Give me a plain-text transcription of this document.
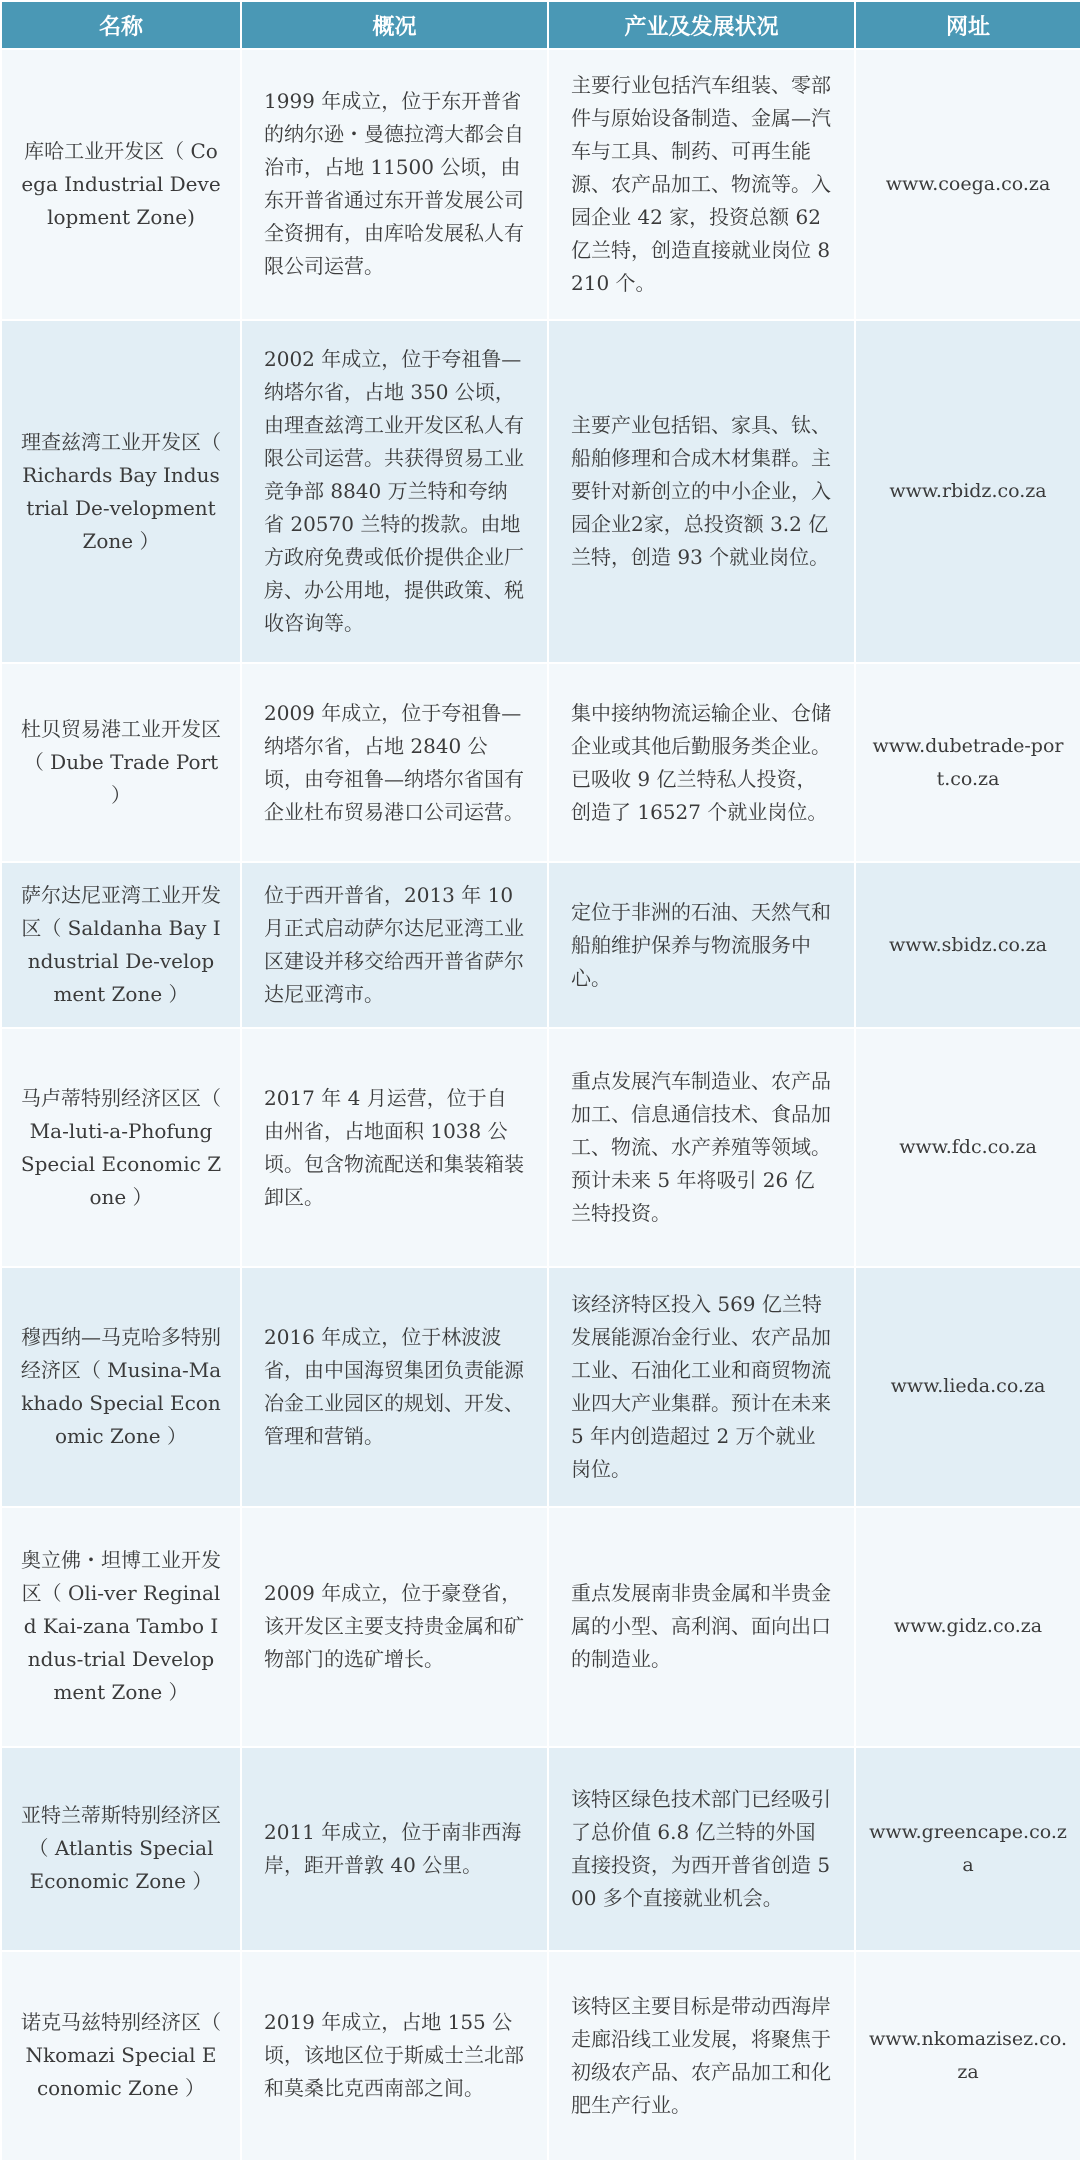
名称	概况	产业及发展状况	网址
库哈工业开发区（ Coega Industrial Development Zone)	1999 年成立，位于东开普省的纳尔逊・曼德拉湾大都会自治市，占地 11500 公顷，由东开普省通过东开普发展公司全资拥有，由库哈发展私人有限公司运营。	主要行业包括汽车组装、零部件与原始设备制造、金属—汽车与工具、制药、可再生能源、农产品加工、物流等。入园企业 42 家，投资总额 62 亿兰特，创造直接就业岗位 8210 个。	www.coega.co.za
理查兹湾工业开发区（ Richards Bay Industrial De-velopment Zone ）	2002 年成立，位于夸祖鲁—纳塔尔省，占地 350 公顷，由理查兹湾工业开发区私人有限公司运营。共获得贸易工业竞争部 8840 万兰特和夸纳省 20570 兰特的拨款。由地方政府免费或低价提供企业厂房、办公用地，提供政策、税收咨询等。	主要产业包括铝、家具、钛、船舶修理和合成木材集群。主要针对新创立的中小企业，入园企业2家，总投资额 3.2 亿兰特，创造 93 个就业岗位。	www.rbidz.co.za
杜贝贸易港工业开发区（ Dube Trade Port ）	2009 年成立，位于夸祖鲁—纳塔尔省，占地 2840 公顷，由夸祖鲁—纳塔尔省国有企业杜布贸易港口公司运营。	集中接纳物流运输企业、仓储企业或其他后勤服务类企业。已吸收 9 亿兰特私人投资， 创造了 16527 个就业岗位。	www.dubetrade-port.co.za
萨尔达尼亚湾工业开发区（ Saldanha Bay Industrial De-velopment Zone ）	位于西开普省，2013 年 10 月正式启动萨尔达尼亚湾工业区建设并移交给西开普省萨尔达尼亚湾市。	定位于非洲的石油、天然气和船舶维护保养与物流服务中心。	www.sbidz.co.za
马卢蒂特别经济区区（ Ma-luti-a-Phofung Special Economic Zone ）	2017 年 4 月运营，位于自由州省，占地面积 1038 公顷。包含物流配送和集装箱装卸区。	重点发展汽车制造业、农产品加工、信息通信技术、食品加工、物流、水产养殖等领域。预计未来 5 年将吸引 26 亿兰特投资。	www.fdc.co.za
穆西纳—马克哈多特别经济区（ Musina-Makhado Special Economic Zone ）	2016 年成立，位于林波波省，由中国海贸集团负责能源冶金工业园区的规划、开发、管理和营销。	该经济特区投入 569 亿兰特发展能源冶金行业、农产品加工业、石油化工业和商贸物流业四大产业集群。预计在未来 5 年内创造超过 2 万个就业岗位。	www.lieda.co.za
奥立佛・坦博工业开发区（ Oli-ver Reginald Kai-zana Tambo Indus-trial Development Zone ）	2009 年成立，位于豪登省，该开发区主要支持贵金属和矿物部门的选矿增长。	重点发展南非贵金属和半贵金属的小型、高利润、面向出口的制造业。	www.gidz.co.za
亚特兰蒂斯特别经济区（ Atlantis Special Economic Zone ）	2011 年成立，位于南非西海岸，距开普敦 40 公里。	该特区绿色技术部门已经吸引了总价值 6.8 亿兰特的外国直接投资，为西开普省创造 500 多个直接就业机会。	www.greencape.co.za
诺克马兹特别经济区（ Nkomazi Special Economic Zone ）	2019 年成立，占地 155 公顷，该地区位于斯威士兰北部和莫桑比克西南部之间。	该特区主要目标是带动西海岸走廊沿线工业发展，将聚焦于初级农产品、农产品加工和化肥生产行业。	www.nkomazisez.co.za
